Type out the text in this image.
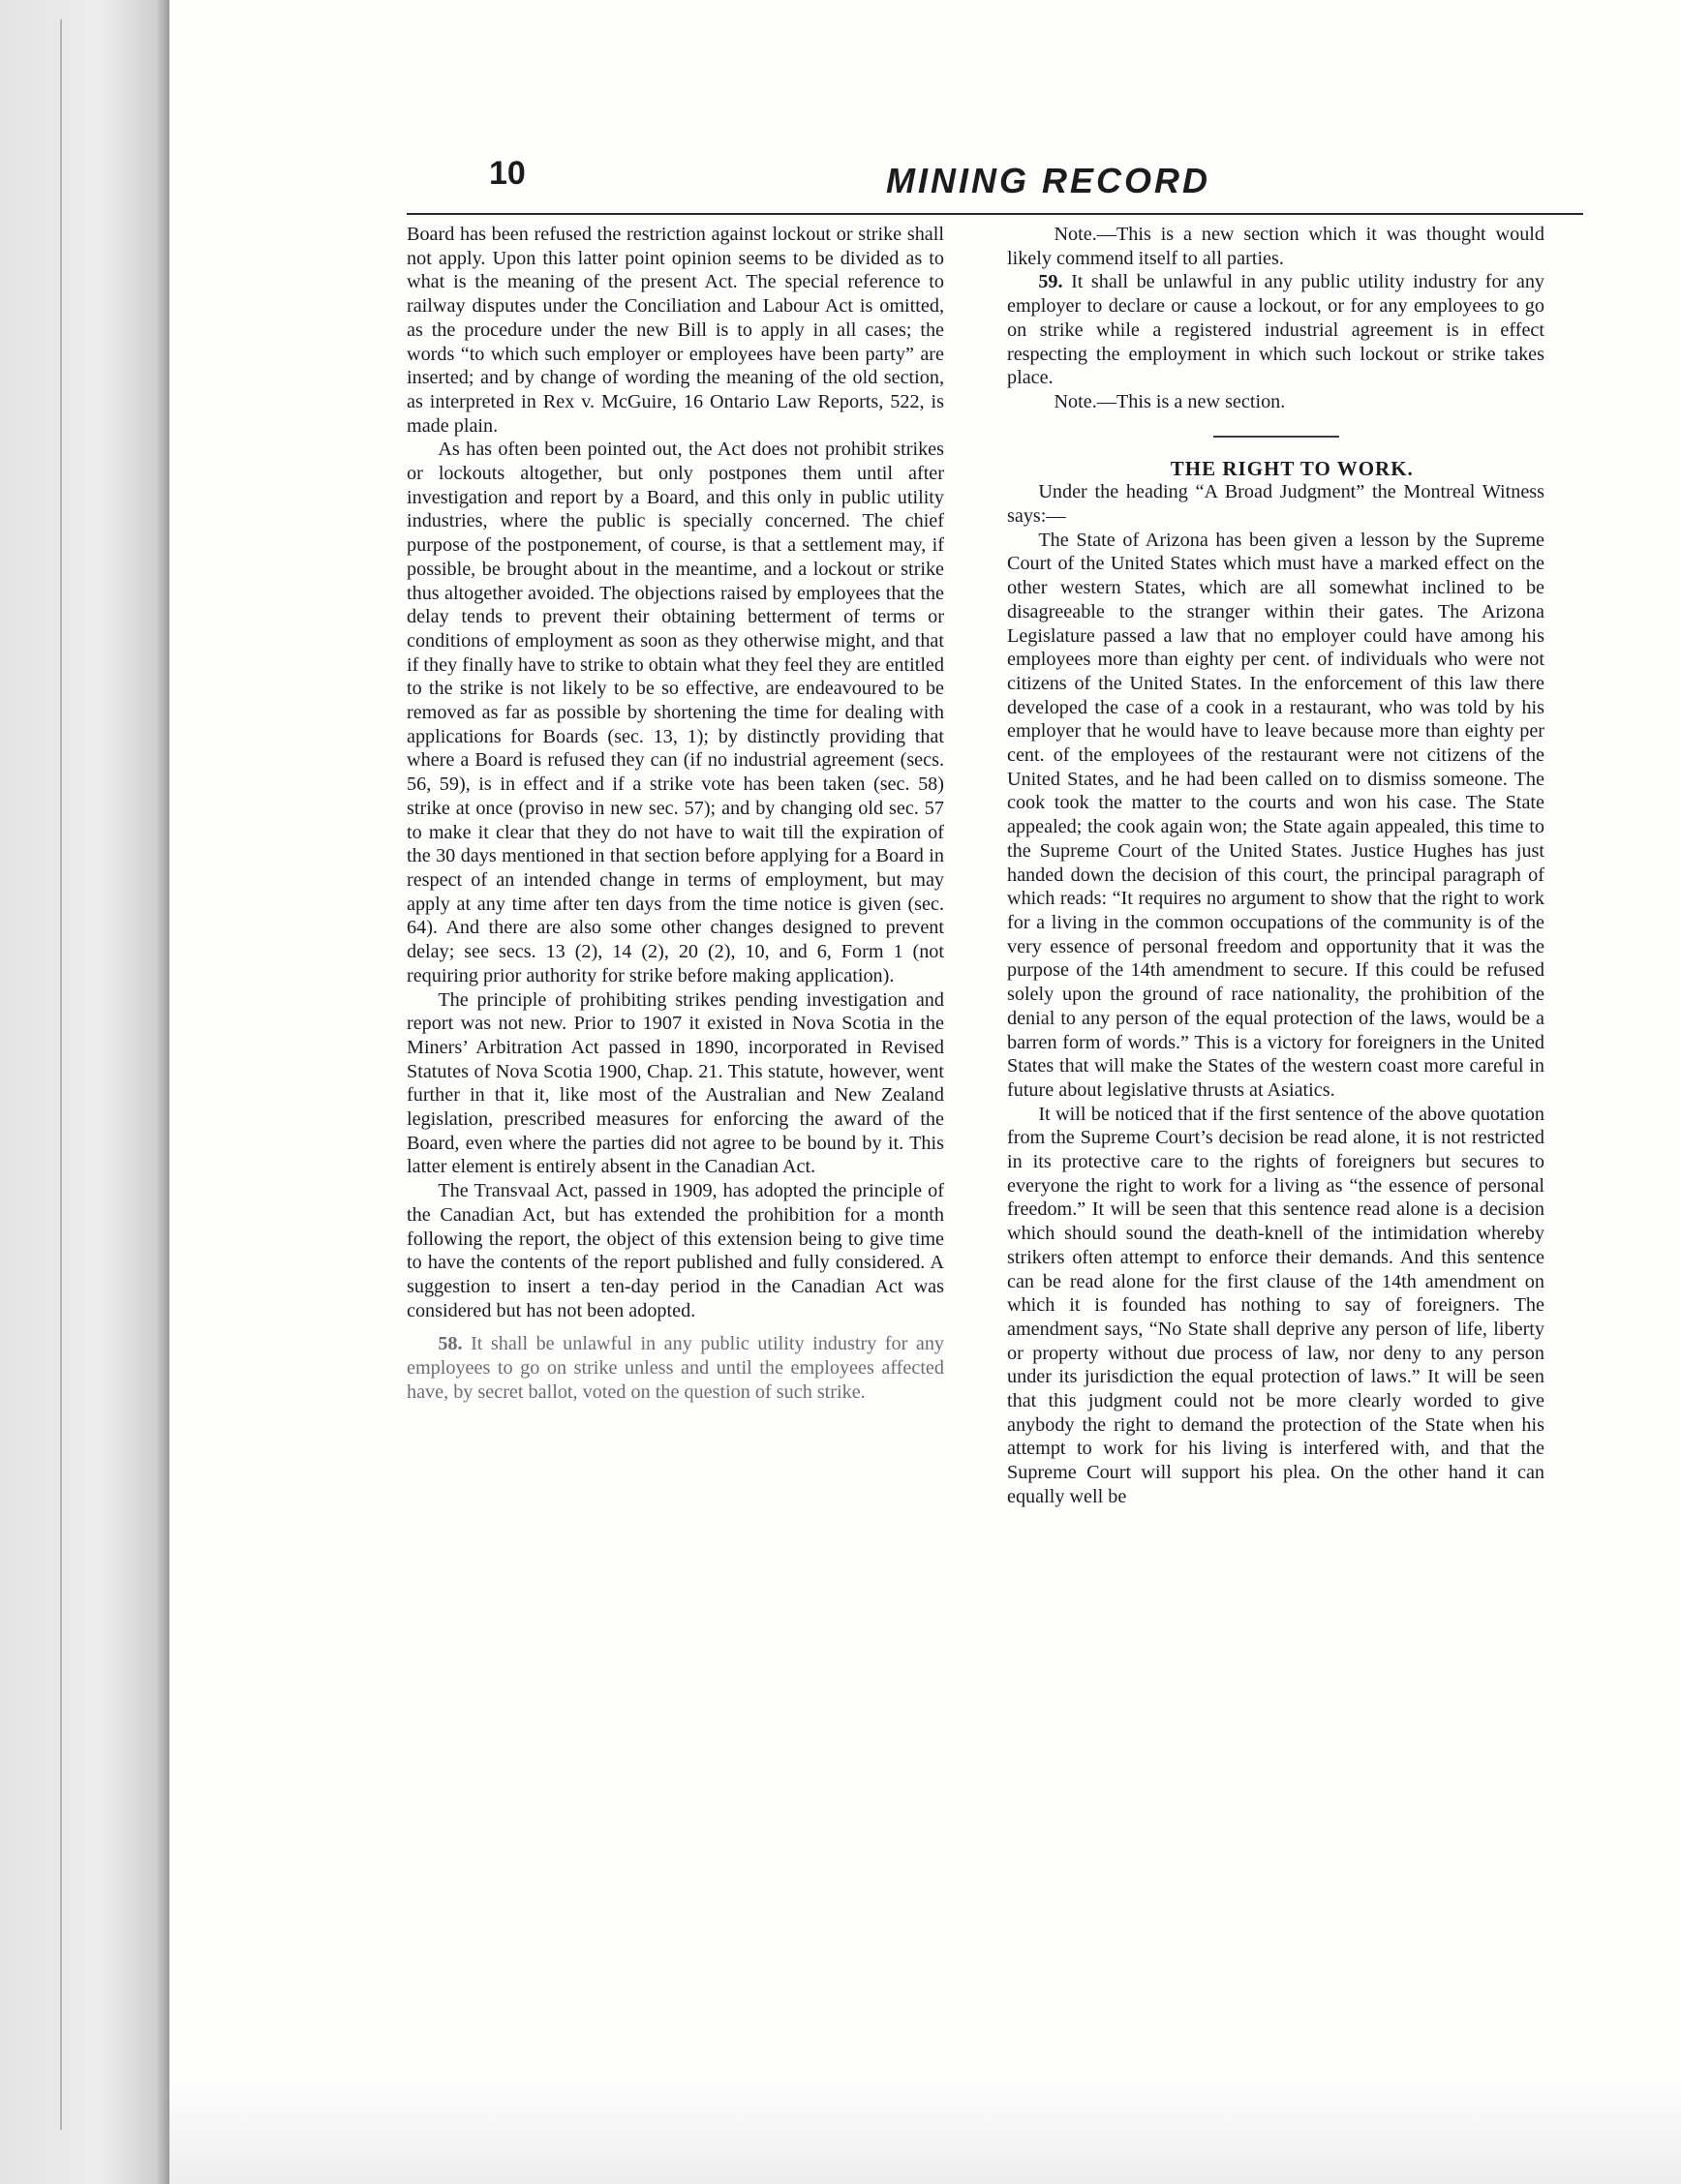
10	MINING RECORD

Board has been refused the restriction against lockout or strike shall not apply. Upon this latter point opinion seems to be divided as to what is the meaning of the present Act. The special reference to railway disputes under the Conciliation and Labour Act is omitted, as the procedure under the new Bill is to apply in all cases; the words “to which such employer or employees have been party” are inserted; and by change of wording the meaning of the old section, as interpreted in Rex v. McGuire, 16 Ontario Law Reports, 522, is made plain.

As has often been pointed out, the Act does not prohibit strikes or lockouts altogether, but only postpones them until after investigation and report by a Board, and this only in public utility industries, where the public is specially concerned. The chief purpose of the postponement, of course, is that a settlement may, if possible, be brought about in the meantime, and a lockout or strike thus altogether avoided. The objections raised by employees that the delay tends to prevent their obtaining betterment of terms or conditions of employment as soon as they otherwise might, and that if they finally have to strike to obtain what they feel they are entitled to the strike is not likely to be so effective, are endeavoured to be removed as far as possible by shortening the time for dealing with applications for Boards (sec. 13, 1); by distinctly providing that where a Board is refused they can (if no industrial agreement (secs. 56, 59), is in effect and if a strike vote has been taken (sec. 58) strike at once (proviso in new sec. 57); and by changing old sec. 57 to make it clear that they do not have to wait till the expiration of the 30 days mentioned in that section before applying for a Board in respect of an intended change in terms of employment, but may apply at any time after ten days from the time notice is given (sec. 64). And there are also some other changes designed to prevent delay; see secs. 13 (2), 14 (2), 20 (2), 10, and 6, Form 1 (not requiring prior authority for strike before making application).

The principle of prohibiting strikes pending investigation and report was not new. Prior to 1907 it existed in Nova Scotia in the Miners’ Arbitration Act passed in 1890, incorporated in Revised Statutes of Nova Scotia 1900, Chap. 21. This statute, however, went further in that it, like most of the Australian and New Zealand legislation, prescribed measures for enforcing the award of the Board, even where the parties did not agree to be bound by it. This latter element is entirely absent in the Canadian Act.

The Transvaal Act, passed in 1909, has adopted the principle of the Canadian Act, but has extended the prohibition for a month following the report, the object of this extension being to give time to have the contents of the report published and fully considered. A suggestion to insert a ten-day period in the Canadian Act was considered but has not been adopted.

58. It shall be unlawful in any public utility industry for any employees to go on strike unless and until the employees affected have, by secret ballot, voted on the question of such strike.

Note.—This is a new section which it was thought would likely commend itself to all parties.

59. It shall be unlawful in any public utility industry for any employer to declare or cause a lockout, or for any employees to go on strike while a registered industrial agreement is in effect respecting the employment in which such lockout or strike takes place.

Note.—This is a new section.

THE RIGHT TO WORK.

Under the heading “A Broad Judgment” the Montreal Witness says:—

The State of Arizona has been given a lesson by the Supreme Court of the United States which must have a marked effect on the other western States, which are all somewhat inclined to be disagreeable to the stranger within their gates. The Arizona Legislature passed a law that no employer could have among his employees more than eighty per cent. of individuals who were not citizens of the United States. In the enforcement of this law there developed the case of a cook in a restaurant, who was told by his employer that he would have to leave because more than eighty per cent. of the employees of the restaurant were not citizens of the United States, and he had been called on to dismiss someone. The cook took the matter to the courts and won his case. The State appealed; the cook again won; the State again appealed, this time to the Supreme Court of the United States. Justice Hughes has just handed down the decision of this court, the principal paragraph of which reads: “It requires no argument to show that the right to work for a living in the common occupations of the community is of the very essence of personal freedom and opportunity that it was the purpose of the 14th amendment to secure. If this could be refused solely upon the ground of race nationality, the prohibition of the denial to any person of the equal protection of the laws, would be a barren form of words.” This is a victory for foreigners in the United States that will make the States of the western coast more careful in future about legislative thrusts at Asiatics.

It will be noticed that if the first sentence of the above quotation from the Supreme Court’s decision be read alone, it is not restricted in its protective care to the rights of foreigners but secures to everyone the right to work for a living as “the essence of personal freedom.” It will be seen that this sentence read alone is a decision which should sound the death-knell of the intimidation whereby strikers often attempt to enforce their demands. And this sentence can be read alone for the first clause of the 14th amendment on which it is founded has nothing to say of foreigners. The amendment says, “No State shall deprive any person of life, liberty or property without due process of law, nor deny to any person under its jurisdiction the equal protection of laws.” It will be seen that this judgment could not be more clearly worded to give anybody the right to demand the protection of the State when his attempt to work for his living is interfered with, and that the Supreme Court will support his plea. On the other hand it can equally well be
